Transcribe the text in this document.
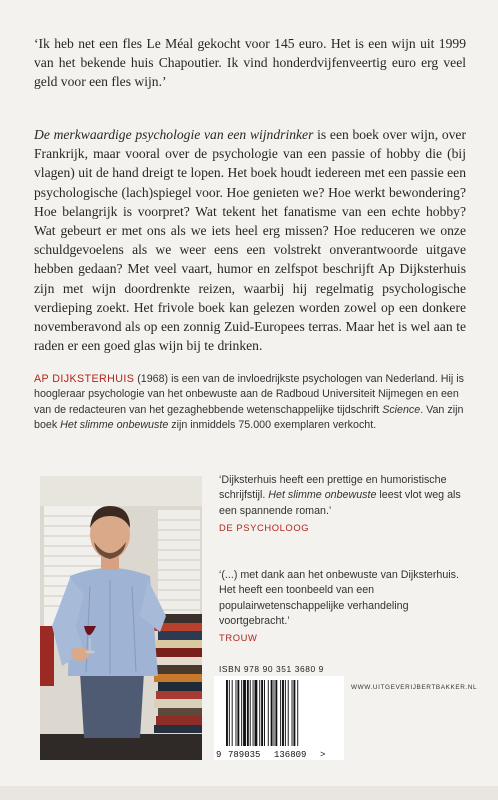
‘Ik heb net een fles Le Méal gekocht voor 145 euro. Het is een wijn uit 1999 van het bekende huis Chapoutier. Ik vind honderdvijfenveertig euro erg veel geld voor een fles wijn.’
De merkwaardige psychologie van een wijndrinker is een boek over wijn, over Frankrijk, maar vooral over de psychologie van een passie of hobby die (bij vlagen) uit de hand dreigt te lopen. Het boek houdt iedereen met een passie een psychologische (lach)spiegel voor. Hoe genieten we? Hoe werkt bewondering? Hoe belangrijk is voorpret? Wat tekent het fanatisme van een echte hobby? Wat gebeurt er met ons als we iets heel erg missen? Hoe reduceren we onze schuldgevoelens als we weer eens een volstrekt onverantwoorde uitgave hebben gedaan? Met veel vaart, humor en zelfspot beschrijft Ap Dijksterhuis zijn met wijn doordrenkte reizen, waarbij hij regelmatig psychologische verdieping zoekt. Het frivole boek kan gelezen worden zowel op een donkere novemberavond als op een zonnig Zuid-Europees terras. Maar het is wel aan te raden er een goed glas wijn bij te drinken.
AP DIJKSTERHUIS (1968) is een van de invloedrijkste psychologen van Nederland. Hij is hoogleraar psychologie van het onbewuste aan de Radboud Universiteit Nijmegen en een van de redacteuren van het gezaghebbende wetenschappelijke tijdschrift Science. Van zijn boek Het slimme onbewuste zijn inmiddels 75.000 exemplaren verkocht.
‘Dijksterhuis heeft een prettige en humoristische schrijfstijl. Het slimme onbewuste leest vlot weg als een spannende roman.’
DE PSYCHOLOOG
‘(...) met dank aan het onbewuste van Dijksterhuis. Het heeft een toonbeeld van een populairwetenschappelijke verhandeling voortgebracht.’
TROUW
ISBN 978 90 351 3680 9
9 789035 136809 >
WWW.UITGEVERIJBERTBAKKER.NL
